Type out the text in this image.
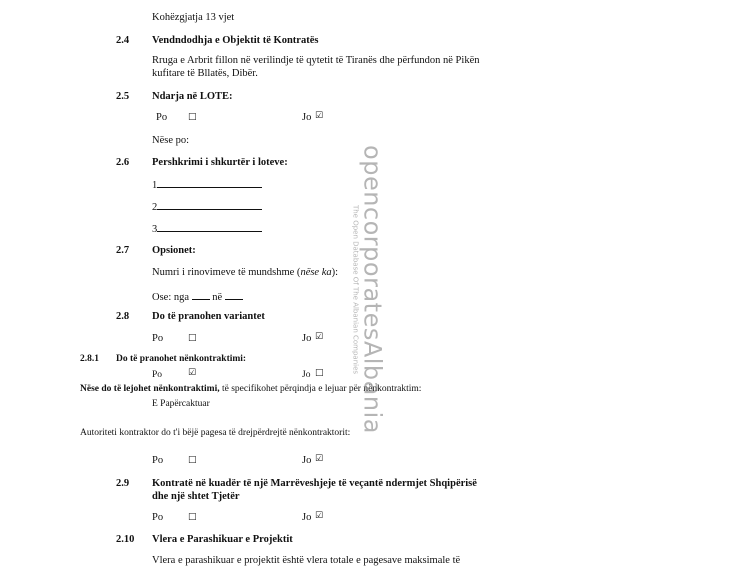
Kohëzgjatja 13 vjet
2.4 Vendndodhja e Objektit të Kontratës
Rruga e Arbrit fillon në verilindje të qytetit të Tiranës dhe përfundon në Pikën
kufitare të Bllatës, Dibër.
2.5 Ndarja në LOTE:
Po □	Jo ☑
Nëse po:
2.6 Pershkrimi i shkurtër i loteve:
1
2
3
2.7 Opsionet:
Numri i rinovimeve të mundshme (nëse ka):
Ose: nga në
2.8 Do të pranohen variantet
Po	□	Jo ☑
2.8.1 Do të pranohet nënkontraktimi:
Po	☑	Jo □
Nëse do të lejohet nënkontraktimi, të specifikohet përqindja e lejuar për nënkontraktim:
E Papërcaktuar
Autoriteti kontraktor do t'i bëjë pagesa të drejpërdrejtë nënkontraktorit:
Po	□	Jo ☑
2.9 Kontratë në kuadër të një Marrëveshjeje të veçantë ndermjet Shqipërisë
dhe një shtet Tjetër
Po	□	Jo ☑
2.10 Vlera e Parashikuar e Projektit
Vlera e parashikuar e projektit është vlera totale e pagesave maksimale të
opencorporatesAlbania
The Open Database Of The Albanian Companies
